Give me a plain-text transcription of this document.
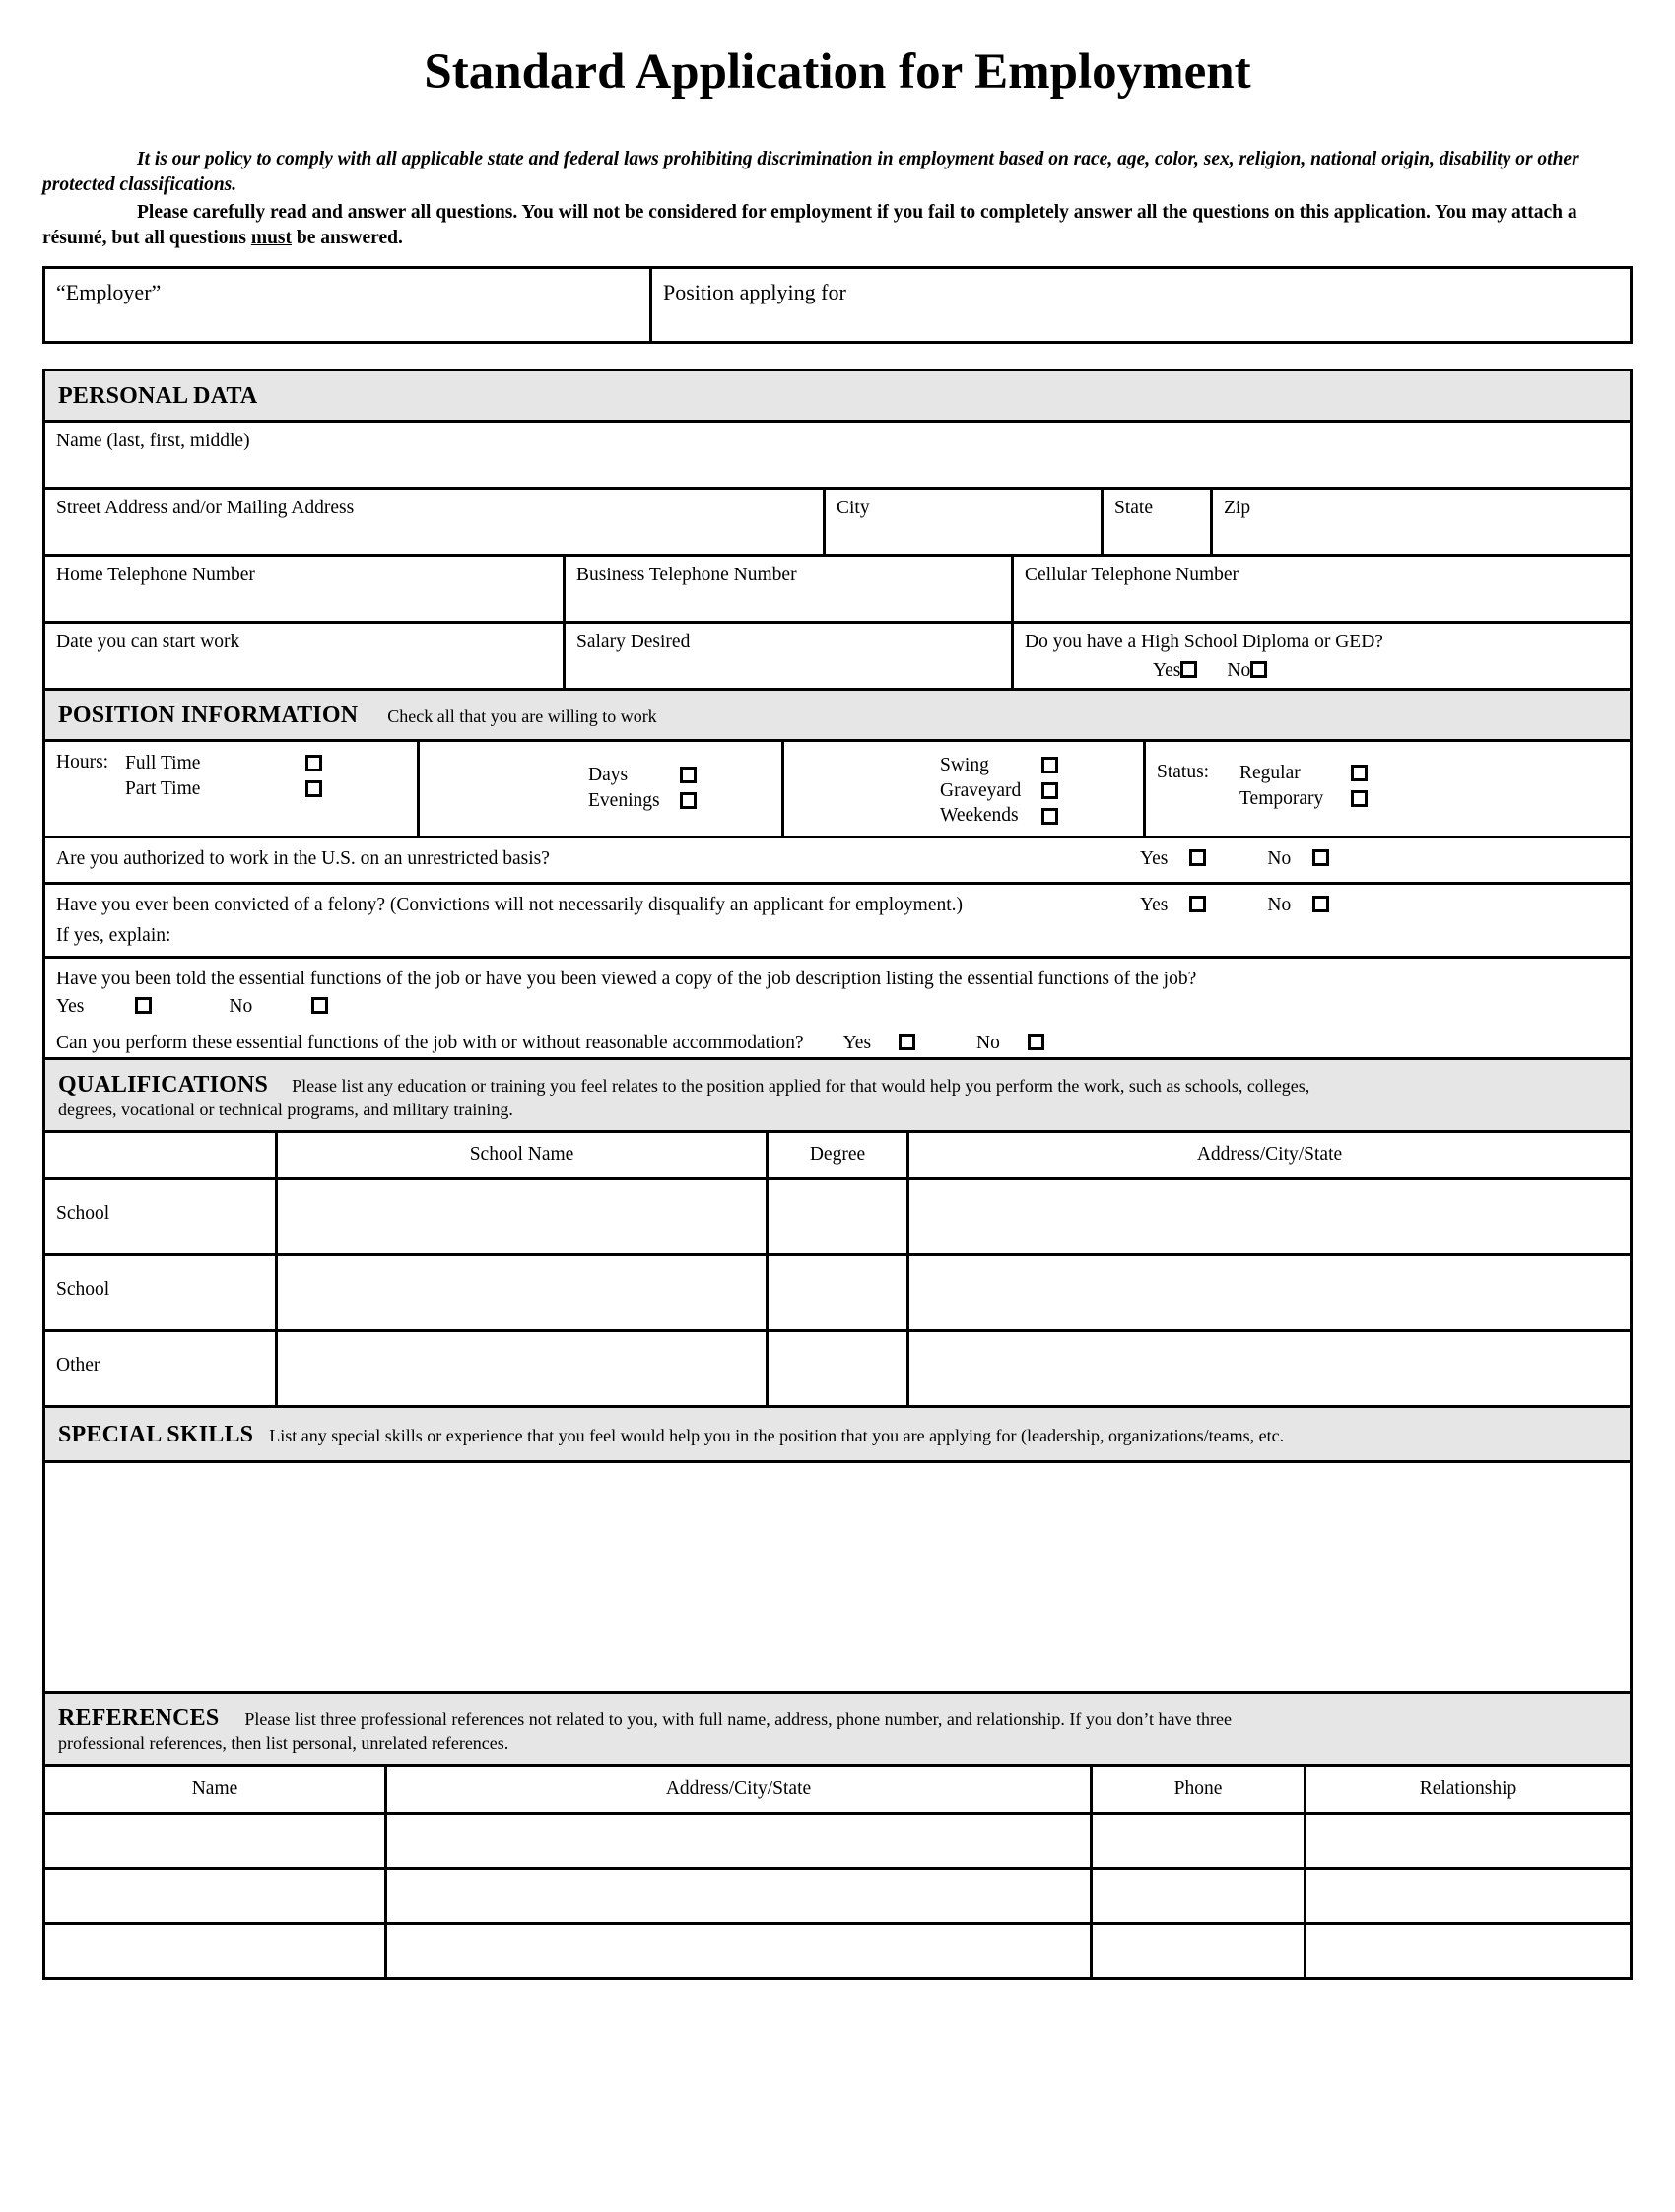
Standard Application for Employment

It is our policy to comply with all applicable state and federal laws prohibiting discrimination in employment based on race, age, color, sex, religion, national origin, disability or other protected classifications.

Please carefully read and answer all questions. You will not be considered for employment if you fail to completely answer all the questions on this application. You may attach a résumé, but all questions must be answered.

“Employer”	Position applying for
PERSONAL DATA
Name (last, first, middle)
Street Address and/or Mailing Address	City	State	Zip
Home Telephone Number	Business Telephone Number	Cellular Telephone Number
Date you can start work	Salary Desired	Do you have a High School Diploma or GED?
Yes No
POSITION INFORMATION Check all that you are willing to work
Hours: Full Time
Part Time
Days
Evenings
Swing
Graveyard
Weekends
Status:	Regular
Temporary
Are you authorized to work in the U.S. on an unrestricted basis?	Yes	No
Have you ever been convicted of a felony? (Convictions will not necessarily disqualify an applicant for employment.)	Yes	No
If yes, explain:
Have you been told the essential functions of the job or have you been viewed a copy of the job description listing the essential functions of the job?
Yes	No
Can you perform these essential functions of the job with or without reasonable accommodation? Yes	No
QUALIFICATIONS Please list any education or training you feel relates to the position applied for that would help you perform the work, such as schools, colleges,
degrees, vocational or technical programs, and military training.
School Name	Degree	Address/City/State
School
School
Other
SPECIAL SKILLS List any special skills or experience that you feel would help you in the position that you are applying for (leadership, organizations/teams, etc.
REFERENCES Please list three professional references not related to you, with full name, address, phone number, and relationship. If you don’t have three
professional references, then list personal, unrelated references.
Name	Address/City/State	Phone	Relationship
